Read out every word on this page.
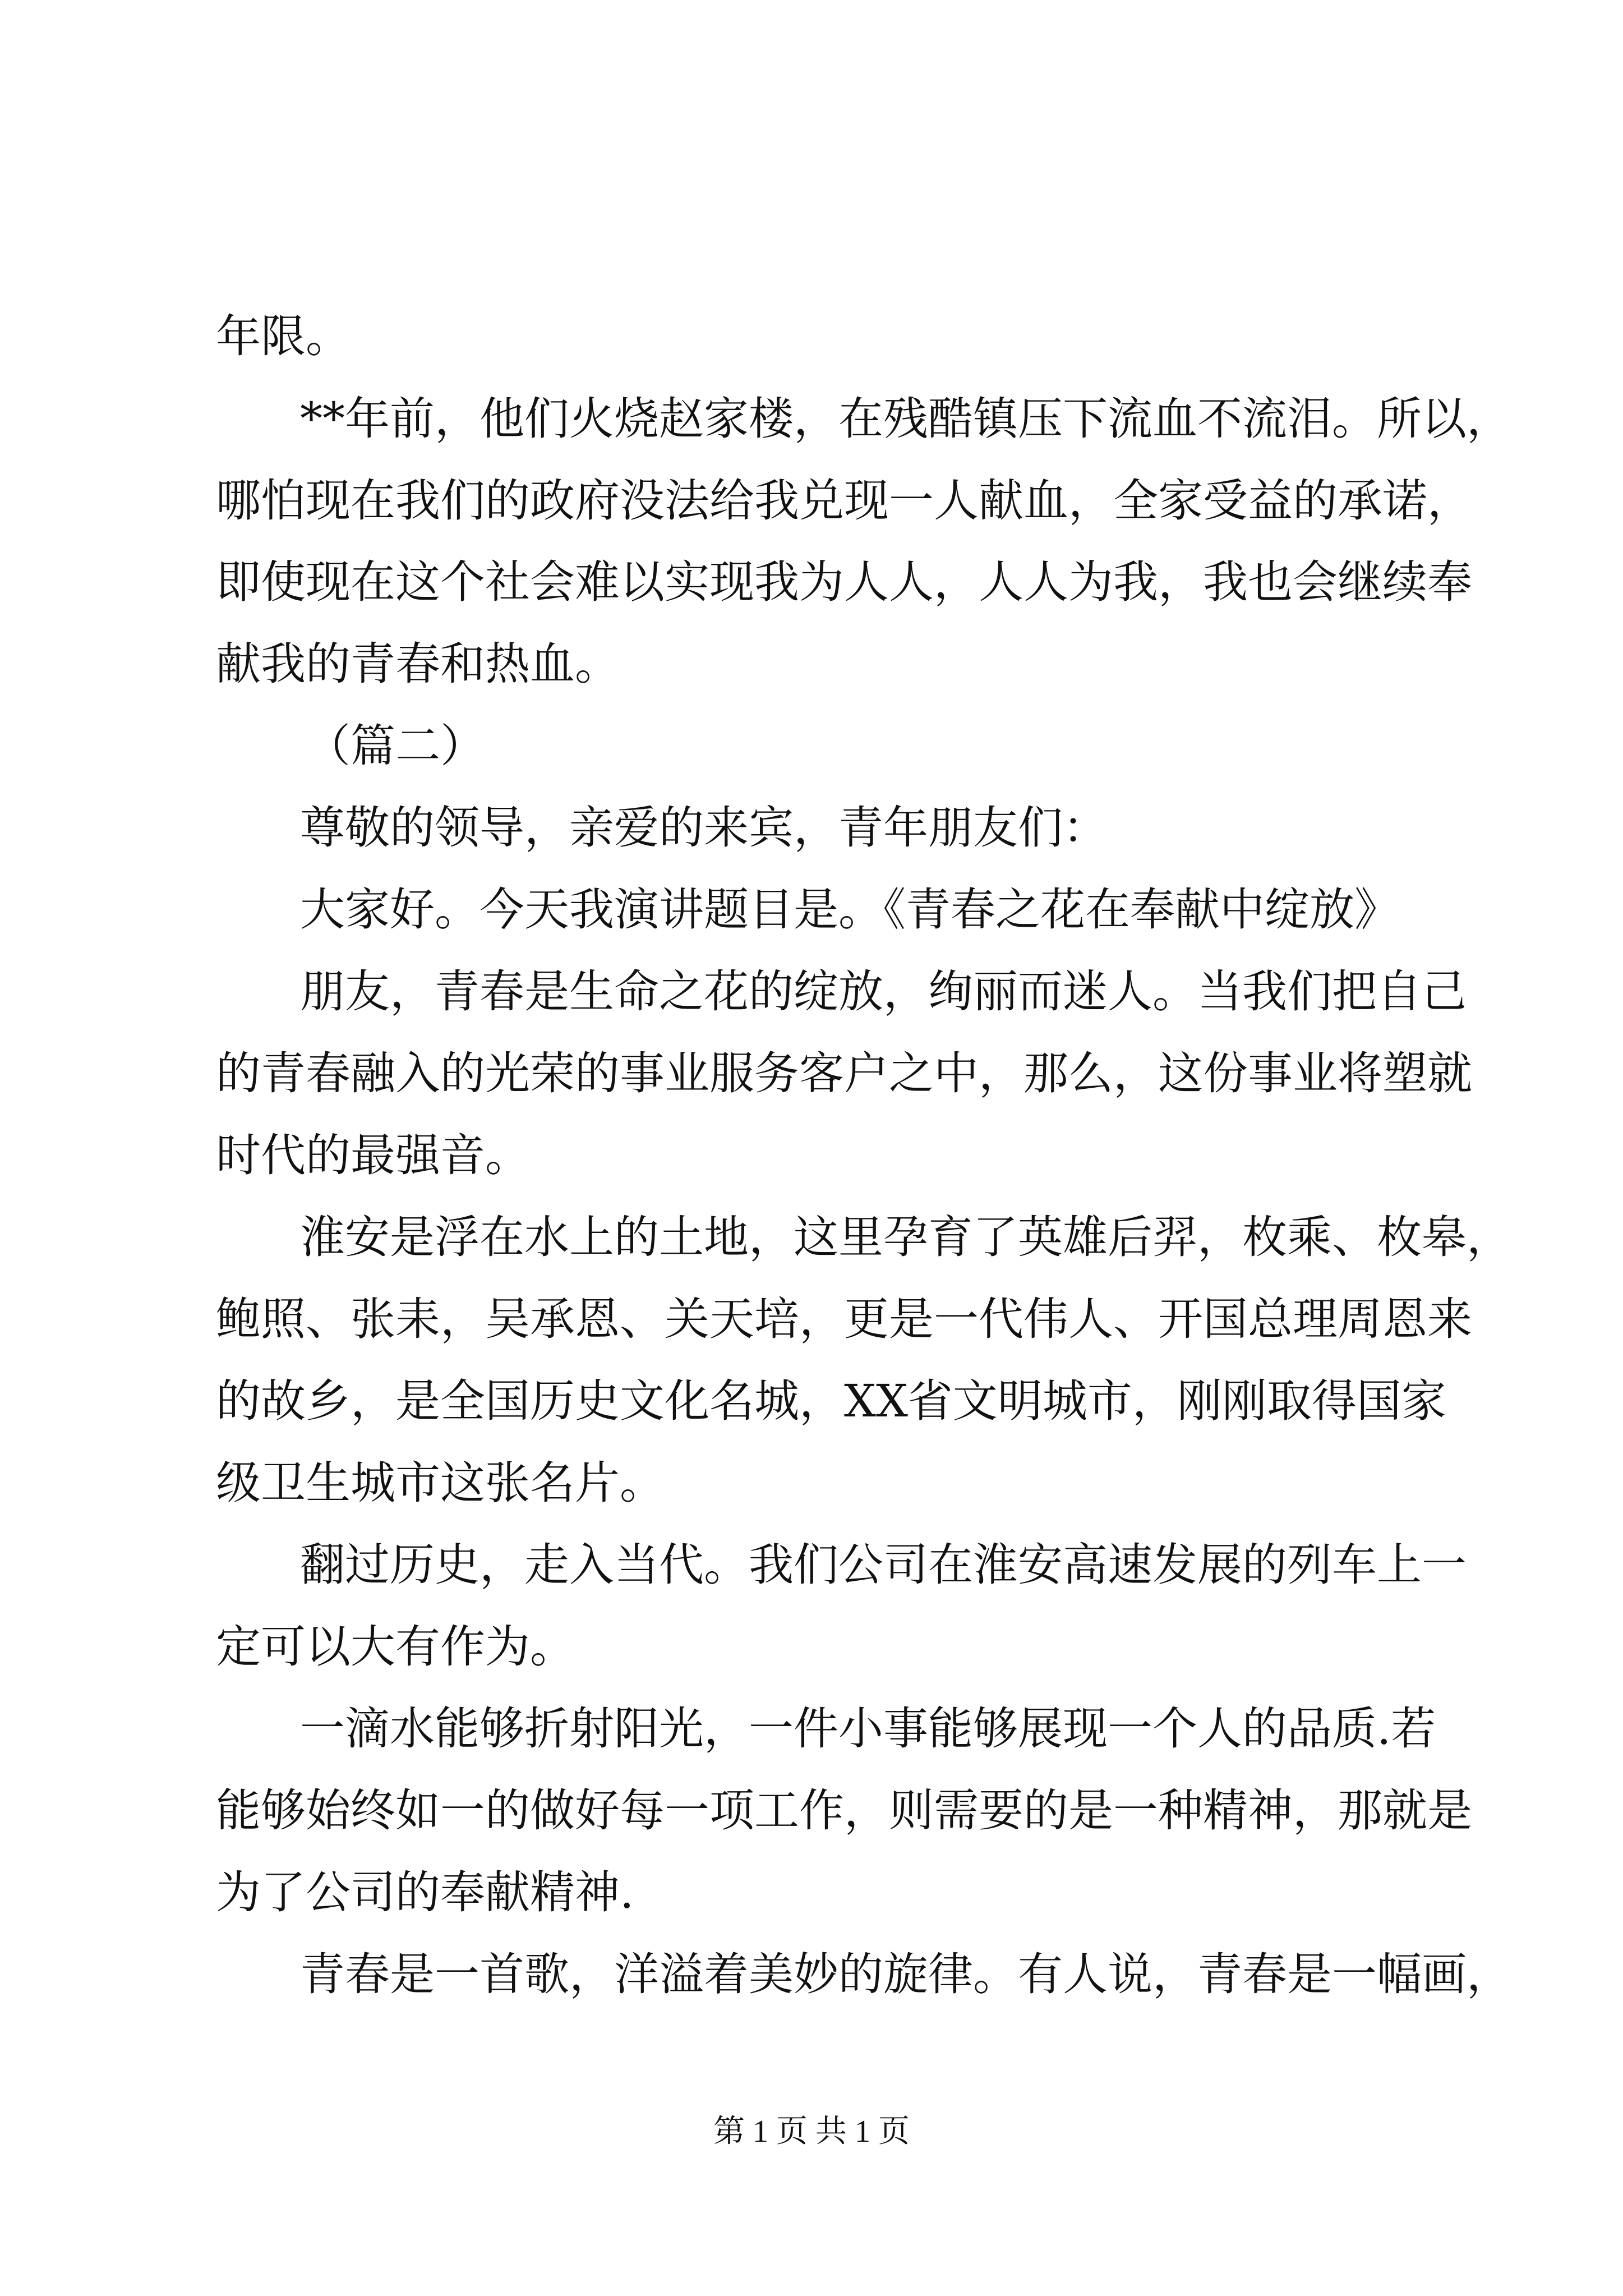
年限。
**年前，他们火烧赵家楼，在残酷镇压下流血不流泪。所以，
哪怕现在我们的政府没法给我兑现一人献血，全家受益的承诺，
即使现在这个社会难以实现我为人人，人人为我，我也会继续奉
献我的青春和热血。
（篇二）
尊敬的领导，亲爱的来宾，青年朋友们：
大家好。今天我演讲题目是。《青春之花在奉献中绽放》
朋友，青春是生命之花的绽放，绚丽而迷人。当我们把自己
的青春融入的光荣的事业服务客户之中，那么，这份事业将塑就
时代的最强音。
淮安是浮在水上的土地，这里孕育了英雄后羿，枚乘、枚皋，
鲍照、张耒，吴承恩、关天培，更是一代伟人、开国总理周恩来
的故乡，是全国历史文化名城，XX省文明城市，刚刚取得国家
级卫生城市这张名片。
翻过历史，走入当代。我们公司在淮安高速发展的列车上一
定可以大有作为。
一滴水能够折射阳光，一件小事能够展现一个人的品质.若
能够始终如一的做好每一项工作，则需要的是一种精神，那就是
为了公司的奉献精神.
青春是一首歌，洋溢着美妙的旋律。有人说，青春是一幅画，
第 1 页 共 1 页
